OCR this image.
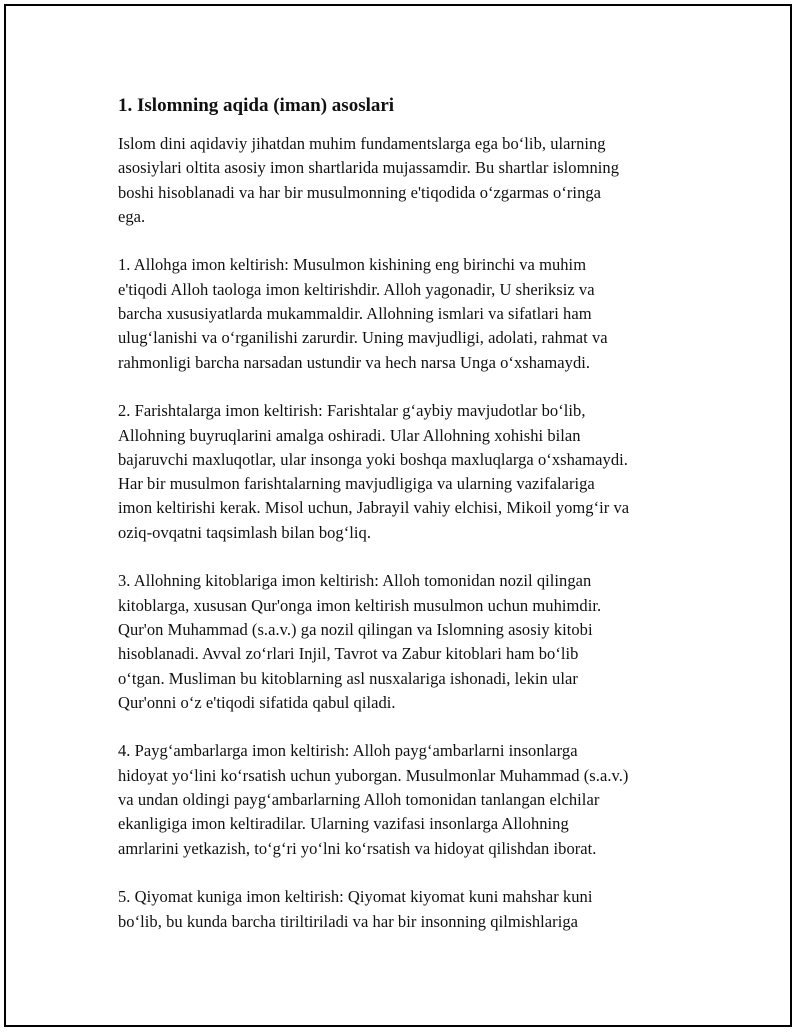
1. Islomning aqida (iman) asoslari

Islom dini aqidaviy jihatdan muhim fundamentslarga ega bo‘lib, ularning
asosiylari oltita asosiy imon shartlarida mujassamdir. Bu shartlar islomning
boshi hisoblanadi va har bir musulmonning e'tiqodida o‘zgarmas o‘ringa
ega.

1. Allohga imon keltirish: Musulmon kishining eng birinchi va muhim
e'tiqodi Alloh taologa imon keltirishdir. Alloh yagonadir, U sheriksiz va
barcha xususiyatlarda mukammaldir. Allohning ismlari va sifatlari ham
ulug‘lanishi va o‘rganilishi zarurdir. Uning mavjudligi, adolati, rahmat va
rahmonligi barcha narsadan ustundir va hech narsa Unga o‘xshamaydi.

2. Farishtalarga imon keltirish: Farishtalar g‘aybiy mavjudotlar bo‘lib,
Allohning buyruqlarini amalga oshiradi. Ular Allohning xohishi bilan
bajaruvchi maxluqotlar, ular insonga yoki boshqa maxluqlarga o‘xshamaydi.
Har bir musulmon farishtalarning mavjudligiga va ularning vazifalariga
imon keltirishi kerak. Misol uchun, Jabrayil vahiy elchisi, Mikoil yomg‘ir va
oziq-ovqatni taqsimlash bilan bog‘liq.

3. Allohning kitoblariga imon keltirish: Alloh tomonidan nozil qilingan
kitoblarga, xususan Qur'onga imon keltirish musulmon uchun muhimdir.
Qur'on Muhammad (s.a.v.) ga nozil qilingan va Islomning asosiy kitobi
hisoblanadi. Avval zo‘rlari Injil, Tavrot va Zabur kitoblari ham bo‘lib
o‘tgan. Musliman bu kitoblarning asl nusxalariga ishonadi, lekin ular
Qur'onni o‘z e'tiqodi sifatida qabul qiladi.

4. Payg‘ambarlarga imon keltirish: Alloh payg‘ambarlarni insonlarga
hidoyat yo‘lini ko‘rsatish uchun yuborgan. Musulmonlar Muhammad (s.a.v.)
va undan oldingi payg‘ambarlarning Alloh tomonidan tanlangan elchilar
ekanligiga imon keltiradilar. Ularning vazifasi insonlarga Allohning
amrlarini yetkazish, to‘g‘ri yo‘lni ko‘rsatish va hidoyat qilishdan iborat.

5. Qiyomat kuniga imon keltirish: Qiyomat kiyomat kuni mahshar kuni
bo‘lib, bu kunda barcha tiriltiriladi va har bir insonning qilmishlariga
